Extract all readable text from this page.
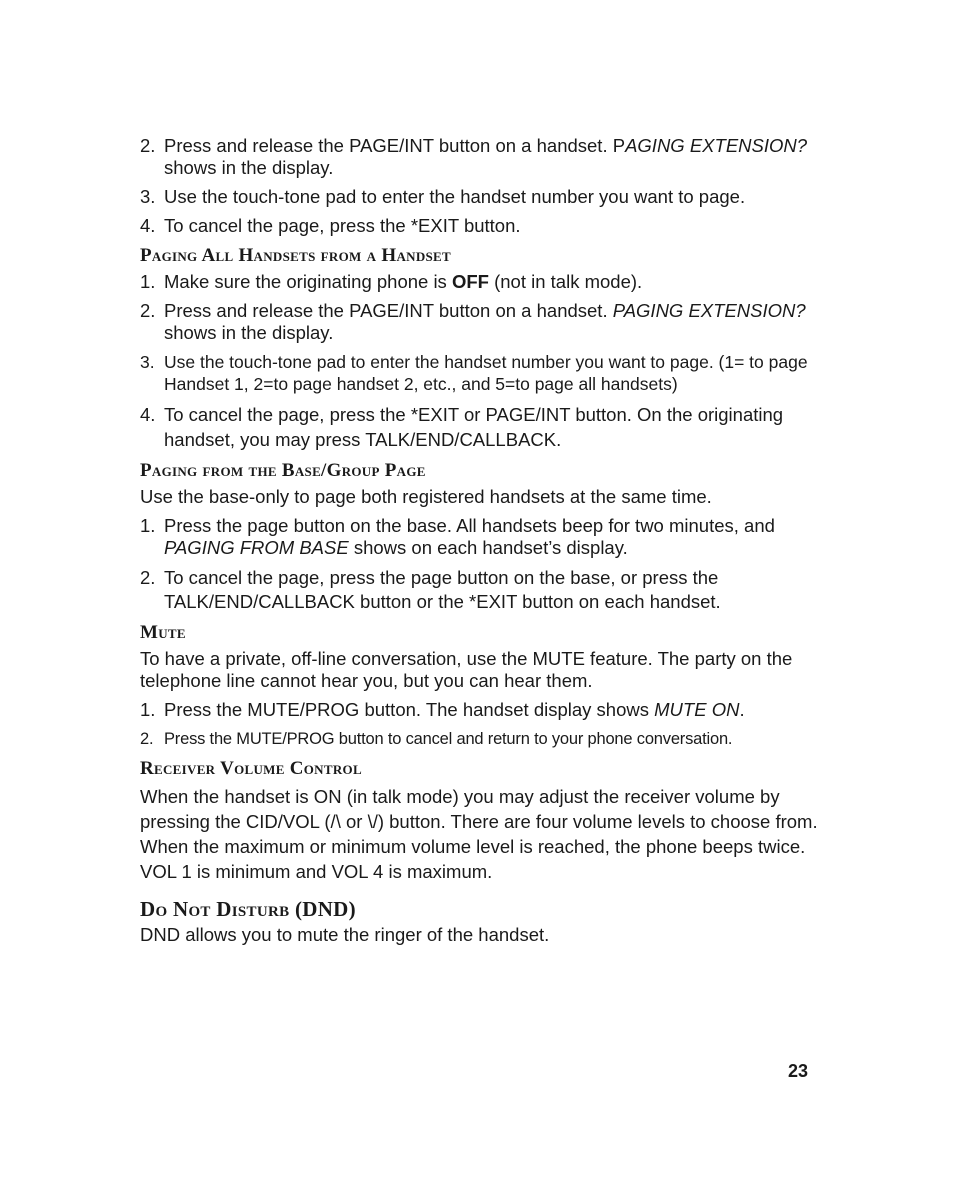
2. Press and release the PAGE/INT button on a handset. PAGING EXTENSION? shows in the display.
3. Use the touch-tone pad to enter the handset number you want to page.
4. To cancel the page, press the *EXIT button.
Paging All Handsets from a Handset
1. Make sure the originating phone is OFF (not in talk mode).
2. Press and release the PAGE/INT button on a handset. PAGING EXTENSION? shows in the display.
3. Use the touch-tone pad to enter the handset number you want to page. (1= to page Handset 1, 2=to page handset 2, etc., and 5=to page all handsets)
4. To cancel the page, press the *EXIT or PAGE/INT button. On the originating handset, you may press TALK/END/CALLBACK.
Paging from the Base/Group Page
Use the base-only to page both registered handsets at the same time.
1. Press the page button on the base. All handsets beep for two minutes, and PAGING FROM BASE shows on each handset’s display.
2. To cancel the page, press the page button on the base, or press the TALK/END/CALLBACK button or the *EXIT button on each handset.
Mute
To have a private, off-line conversation, use the MUTE feature. The party on the telephone line cannot hear you, but you can hear them.
1. Press the MUTE/PROG button. The handset display shows MUTE ON.
2. Press the MUTE/PROG button to cancel and return to your phone conversation.
Receiver Volume Control
When the handset is ON (in talk mode) you may adjust the receiver volume by pressing the CID/VOL (/\ or \/) button. There are four volume levels to choose from. When the maximum or minimum volume level is reached, the phone beeps twice. VOL 1 is minimum and VOL 4 is maximum.
Do Not Disturb (DND)
DND allows you to mute the ringer of the handset.
23
